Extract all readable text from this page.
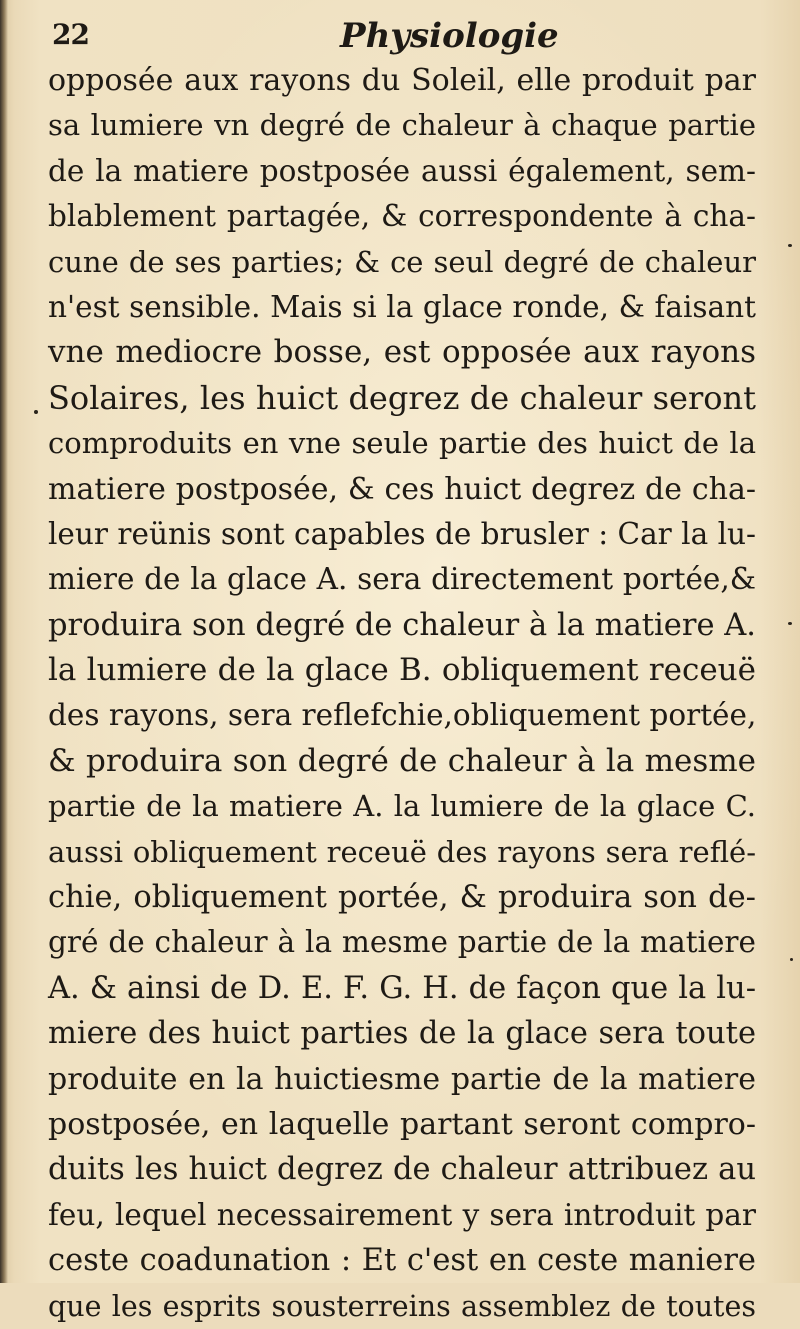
22	Physiologie
opposée aux rayons du Soleil, elle produit par
sa lumiere vn degré de chaleur à chaque partie
de la matiere postposée aussi également, sem-
blablement partagée, & correspondente à cha-
cune de ses parties; & ce seul degré de chaleur
n'est sensible. Mais si la glace ronde, & faisant
vne mediocre bosse, est opposée aux rayons
Solaires, les huict degrez de chaleur seront
comproduits en vne seule partie des huict de la
matiere postposée, & ces huict degrez de cha-
leur reünis sont capables de brusler : Car la lu-
miere de la glace A. sera directement portée,&
produira son degré de chaleur à la matiere A.
la lumiere de la glace B. obliquement receuë
des rayons, sera reflefchie,obliquement portée,
& produira son degré de chaleur à la mesme
partie de la matiere A. la lumiere de la glace C.
aussi obliquement receuë des rayons sera reflé-
chie, obliquement portée, & produira son de-
gré de chaleur à la mesme partie de la matiere
A. & ainsi de D. E. F. G. H. de façon que la lu-
miere des huict parties de la glace sera toute
produite en la huictiesme partie de la matiere
postposée, en laquelle partant seront compro-
duits les huict degrez de chaleur attribuez au
feu, lequel necessairement y sera introduit par
ceste coadunation : Et c'est en ceste maniere
que les esprits sousterreins assemblez de toutes
